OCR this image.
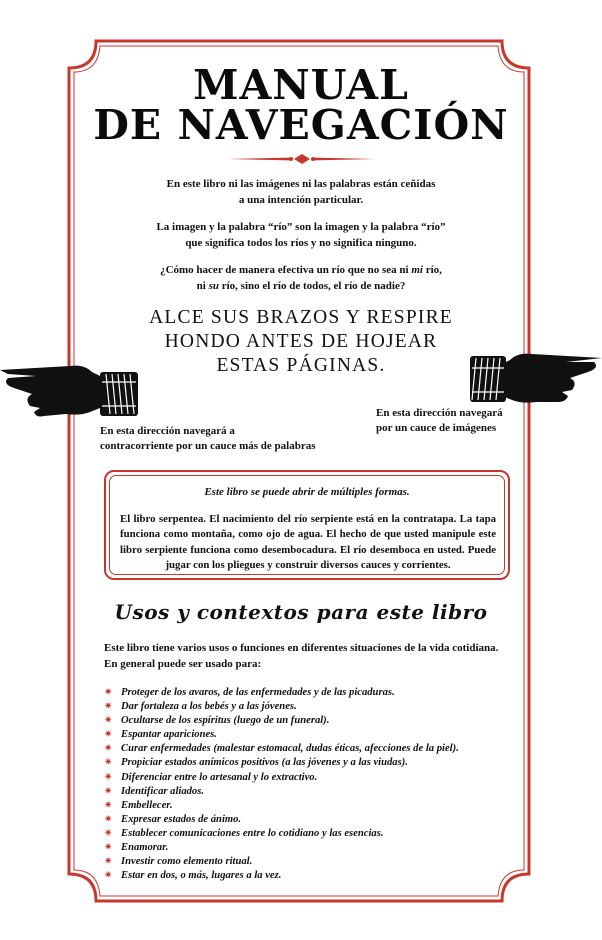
MANUAL
DE NAVEGACIÓN
En este libro ni las imágenes ni las palabras están ceñidas
a una intención particular.
La imagen y la palabra “río” son la imagen y la palabra “río”
que significa todos los ríos y no significa ninguno.
¿Cómo hacer de manera efectiva un río que no sea ni mi río,
ni su río, sino el río de todos, el río de nadie?
ALCE SUS BRAZOS Y RESPIRE
HONDO ANTES DE HOJEAR
ESTAS PÁGINAS.
En esta dirección navegará a
contracorriente por un cauce más de palabras
En esta dirección navegará
por un cauce de imágenes
Este libro se puede abrir de múltiples formas.
El libro serpentea. El nacimiento del río serpiente está en la contratapa. La tapa funciona como montaña, como ojo de agua. El hecho de que usted manipule este libro serpiente funciona como desembocadura. El río desemboca en usted. Puede jugar con los pliegues y construir diversos cauces y corrientes.
Usos y contextos para este libro
Este libro tiene varios usos o funciones en diferentes situaciones de la vida cotidiana. En general puede ser usado para:
✷ Proteger de los avaros, de las enfermedades y de las picaduras.
✷ Dar fortaleza a los bebés y a las jóvenes.
✷ Ocultarse de los espíritus (luego de un funeral).
✷ Espantar apariciones.
✷ Curar enfermedades (malestar estomacal, dudas éticas, afecciones de la piel).
✷ Propiciar estados anímicos positivos (a las jóvenes y a las viudas).
✷ Diferenciar entre lo artesanal y lo extractivo.
✷ Identificar aliados.
✷ Embellecer.
✷ Expresar estados de ánimo.
✷ Establecer comunicaciones entre lo cotidiano y las esencias.
✷ Enamorar.
✷ Investir como elemento ritual.
✷ Estar en dos, o más, lugares a la vez.
